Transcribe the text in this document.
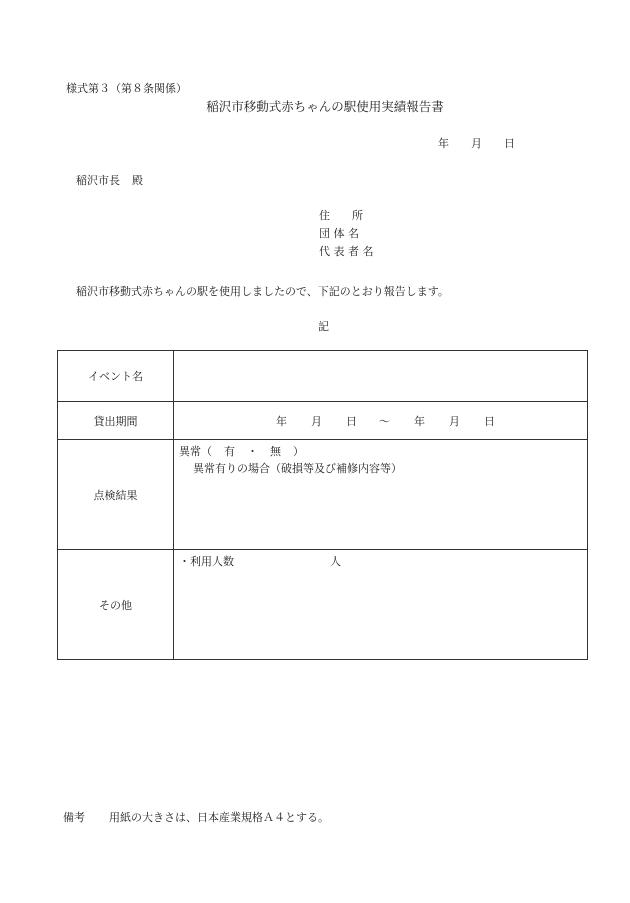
様式第３（第８条関係）
稲沢市移動式赤ちゃんの駅使用実績報告書
年 月 日
稲沢市長 殿
住　　所
団 体 名
代 表 者 名
稲沢市移動式赤ちゃんの駅を使用しましたので、下記のとおり報告します。
記
イベント名	
貸出期間	年 月 日 ～ 年 月 日
点検結果	異常（ 有 ・ 無 ）
異常有りの場合（破損等及び補修内容等）

その他	・利用人数 人
備考 用紙の大きさは、日本産業規格Ａ４とする。
